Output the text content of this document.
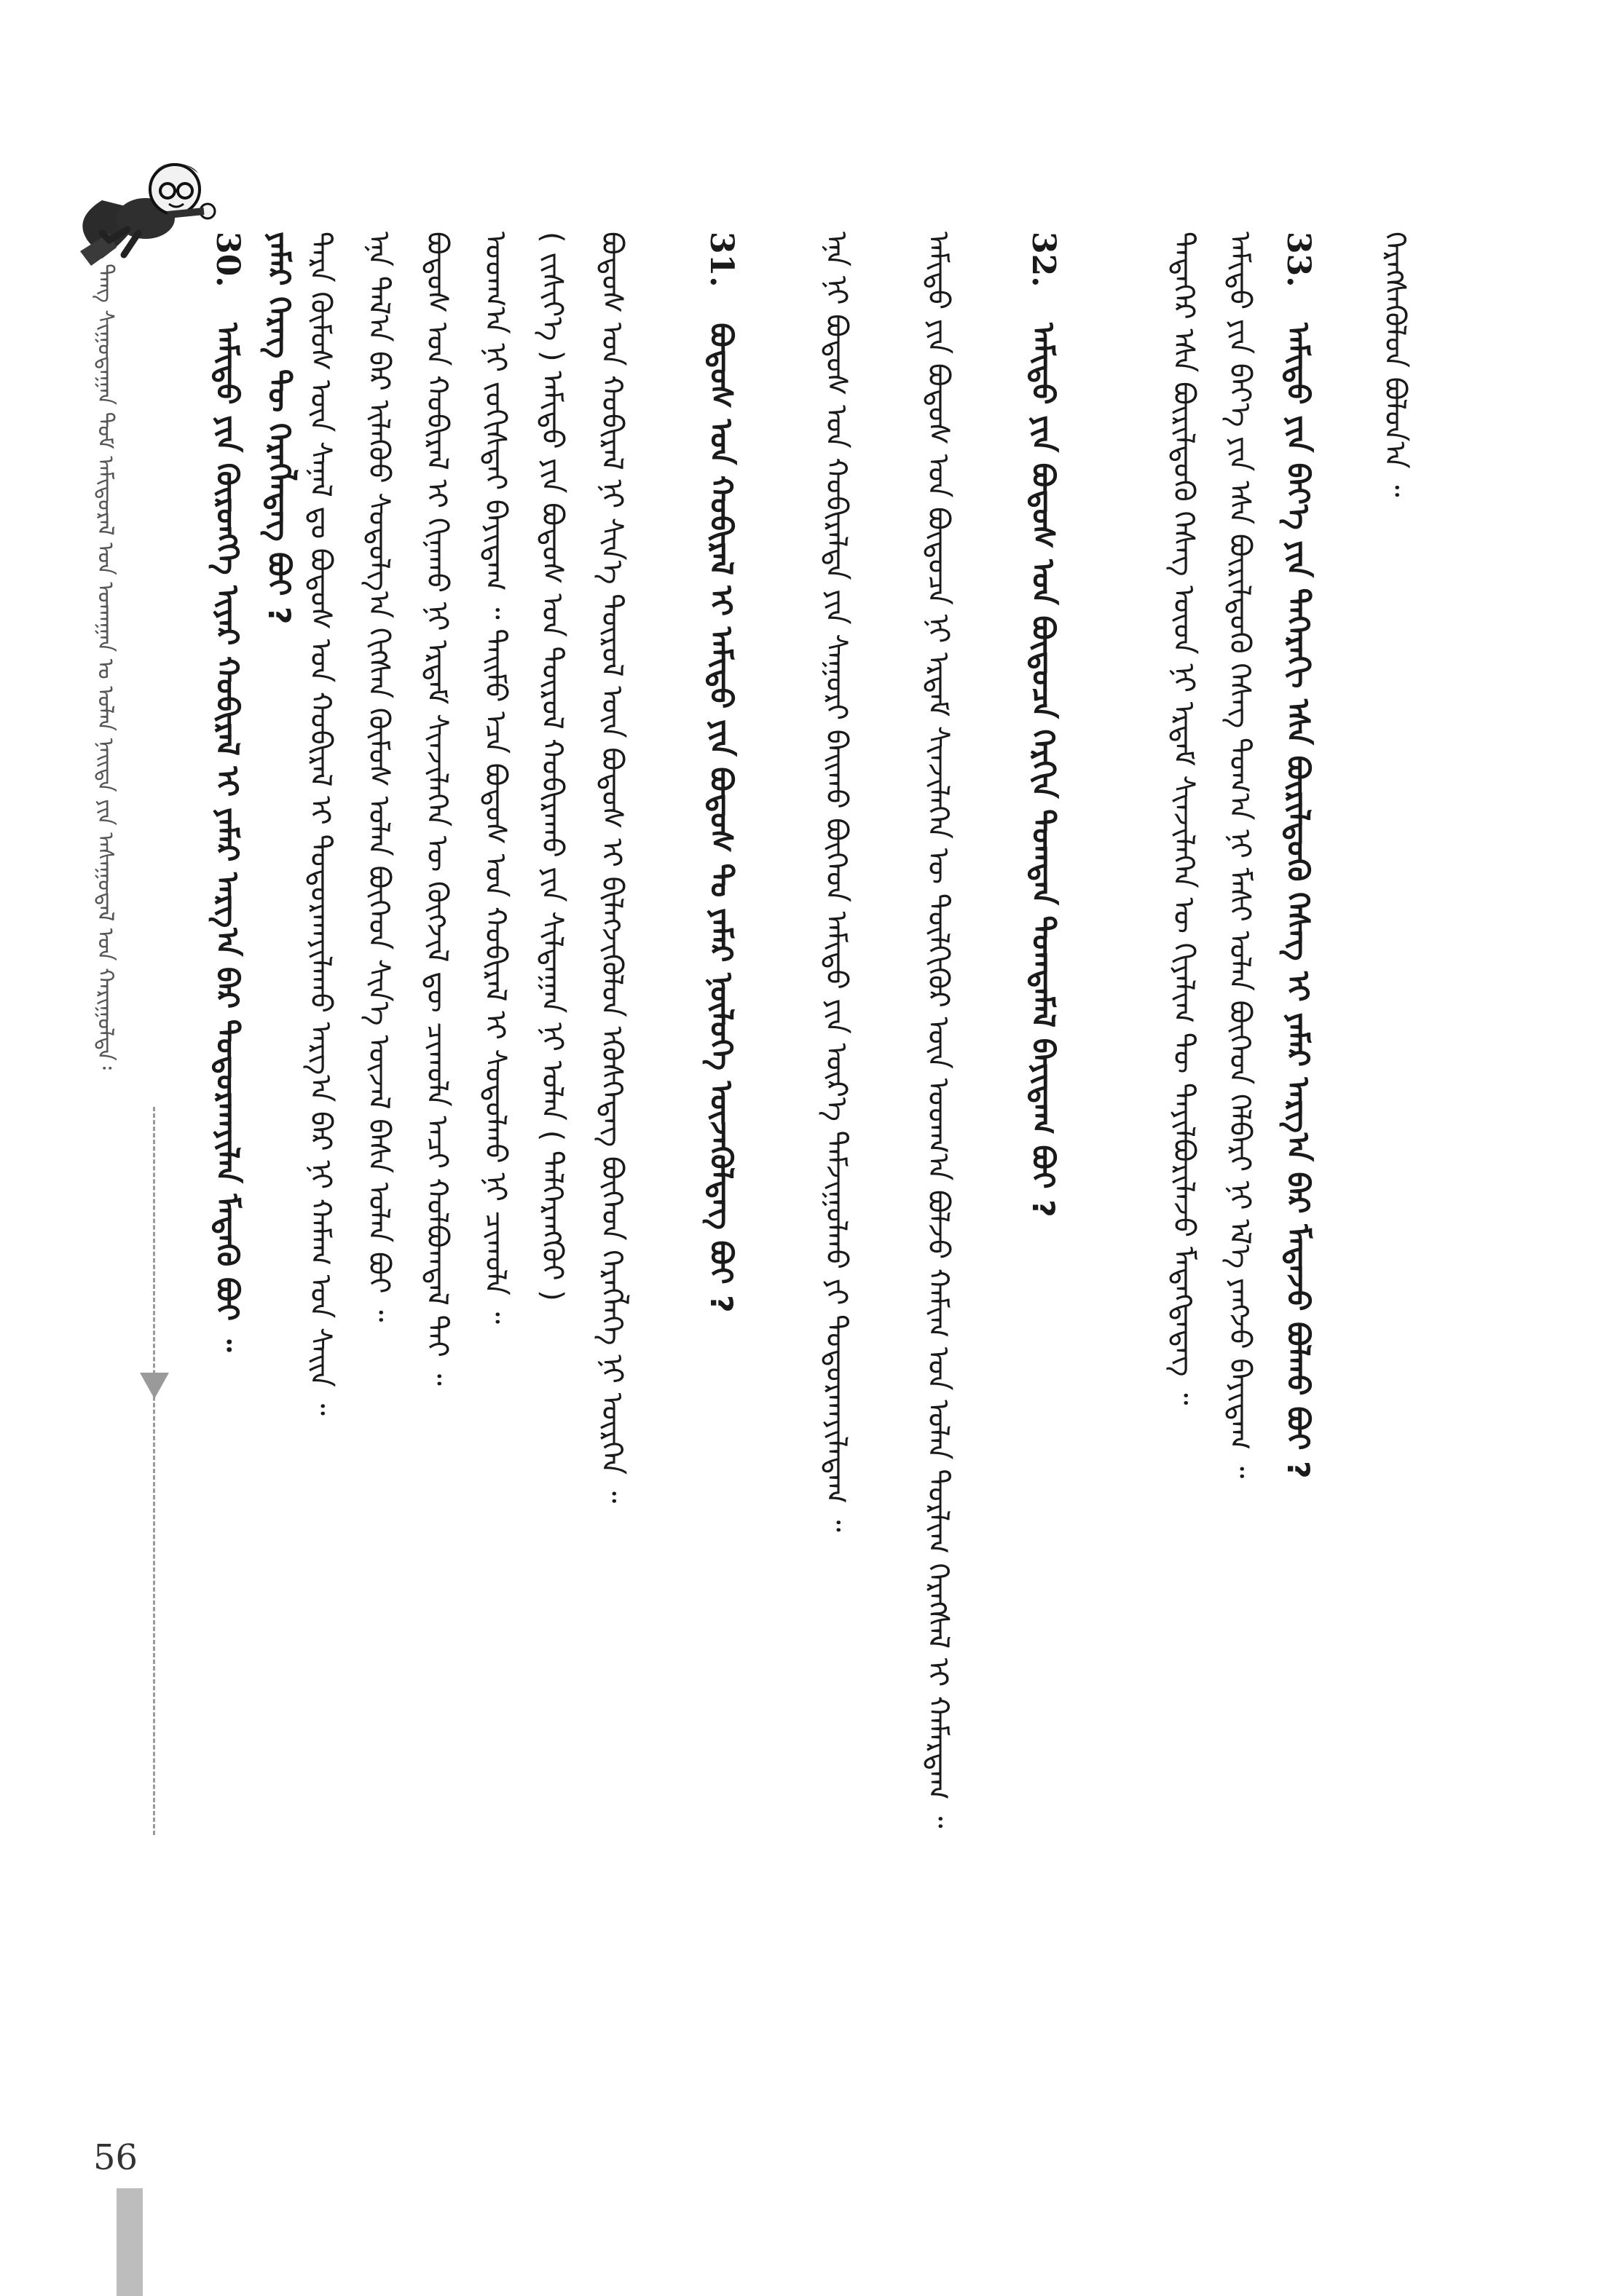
ᠳᠠᠩ ᠰᠢᠭᠤᠳᠠᠭᠠᠨ ᠳᠤᠮ ᠠᠮᠢᠳᠤᠷᠠᠯ ᠤᠨ ᠤᠬᠠᠭᠠᠨ ᠤ ᠣᠯᠠᠨ ᠨᠡᠢᠲᠡ ᠶᠢᠨ ᠠᠰᠠᠭᠤᠳᠠᠯ ᠤᠨ ᠬᠠᠷᠢᠭᠤᠯᠲᠠ᠄	ᠬᠡᠷᠡᠭᠰᠡᠭᠦᠯᠦᠨ ᠪᠣᠯᠤᠨ᠎ᠠ ᠃
33. ᠠᠮᠢᠳᠤ ᠶᠢᠨ ᠪᠡᠶ᠎ᠡ ᠶᠢᠨ ᠳᠡᠭᠡᠷᠡᠬᠢ ᠡᠰᠡ ᠪᠦᠷᠢᠯᠳᠦᠬᠦ ᠬᠡᠰᠡᠭ ᠢ ᠶᠠᠮᠠᠷ ᠠᠷᠭ᠎ᠠ ᠪᠠᠷ ᠮᠡᠳᠡᠵᠦ ᠪᠣᠯᠬᠤ ᠪᠤᠢ ?
ᠠᠮᠢᠳᠤ ᠶᠢᠨ ᠪᠡᠶ᠎ᠡ ᠶᠢᠨ ᠡᠰᠡ ᠪᠦᠷᠢᠯᠳᠦᠬᠦ ᠬᠡᠰᠡᠭ ᠲᠣᠭ᠎ᠠ ᠨᠢ ᠮᠠᠰᠢ ᠣᠯᠠᠨ ᠪᠥᠭᠡᠳ ᠬᠡᠯᠪᠡᠷᠢ ᠨᠢ ᠡᠯ᠎ᠡ ᠶᠠᠩᠵᠤ ᠪᠠᠶᠢᠳᠠᠭ ᠃
ᠲᠡᠳᠡᠭᠡᠷ ᠡᠰᠡ ᠪᠦᠷᠢᠯᠳᠦᠬᠦ ᠬᠡᠰᠡᠭ ᠦᠳ ᠨᠢ ᠡᠷᠳᠡᠮ ᠰᠢᠨᠵᠢᠯᠡᠭᠡᠨ ᠦ ᠬᠢᠶᠠᠯᠢᠭ ᠲᠦ ᠲᠠᠶᠢᠯᠪᠤᠷᠢᠯᠠᠵᠤ ᠮᠡᠳᠡᠭᠳᠡᠳᠡᠭ ᠃
32. ᠠᠮᠢᠳᠤ ᠶᠢᠨ ᠪᠣᠳᠣᠰ ᠤᠨ ᠪᠦᠲᠦᠴᠡ ᠬᠡᠷᠬᠢᠨ ᠲᠣᠭᠲᠠᠨ ᠲᠣᠭᠲᠠᠮᠠᠯ ᠪᠠᠶᠢᠳᠠᠭ ᠪᠤᠢ ?
ᠠᠮᠢᠳᠤ ᠶᠢᠨ ᠪᠣᠳᠣᠰ ᠤᠨ ᠪᠦᠲᠦᠴᠡ ᠨᠢ ᠡᠷᠳᠡᠮ ᠰᠢᠨᠵᠢᠯᠡᠭᠡᠨ ᠦ ᠲᠦᠯᠬᠢᠭᠦᠷ ᠦᠨ ᠤᠳᠬ᠎ᠠ ᠪᠣᠯᠵᠤ ᠬᠠᠮᠢᠭ ᠤᠨ ᠣᠯᠠᠨ ᠲᠣᠷᠯᠢᠭ ᠬᠡᠷᠡᠭᠰᠡᠯ ᠢ ᠬᠠᠮᠠᠷᠳᠠᠭ ᠃
ᠡᠨᠡ ᠨᠢ ᠪᠣᠳᠣᠰ ᠤᠨ ᠬᠤᠪᠢᠷᠠᠯᠲᠠ ᠶᠢᠨ ᠰᠠᠭᠤᠷᠢ ᠪᠠᠢᠬᠤ ᠪᠥᠭᠡᠳ ᠠᠮᠢᠳᠤ ᠶᠢᠨ ᠦᠷ᠎ᠡ ᠳᠠᠮᠵᠢᠭᠤᠯᠬᠤ ᠶᠢ ᠲᠣᠳᠤᠷᠬᠠᠶᠢᠯᠠᠳᠠᠭ ᠃
31. ᠪᠣᠳᠣᠰ ᠤᠨ ᠬᠤᠪᠢᠷᠠᠯ ᠢ ᠠᠮᠢᠳᠤ ᠶᠢᠨ ᠪᠣᠳᠣᠰ ᠲᠤ ᠶᠠᠮᠠᠷ ᠨᠥᠯᠥᠭᠡ ᠦᠵᠡᠭᠦᠯᠳᠡᠭ ᠪᠤᠢ ?
ᠪᠣᠳᠣᠰ ᠤᠨ ᠬᠤᠪᠢᠷᠠᠯ ᠨᠢ ᠰᠢᠨ᠎ᠡ ᠲᠥᠷᠦᠯ ᠦᠨ ᠪᠣᠳᠣᠰ ᠢ ᠪᠢᠯᠡᠭᠵᠢᠭᠦᠯᠦᠨ ᠡᠭᠦᠰᠭᠡᠳᠡᠭ ᠪᠥᠭᠡᠳ ᠬᠡᠷᠡᠭᠯᠡᠭᠡ ᠨᠢ ᠦᠷᠭᠡᠨ ᠃
( ᠵᠢᠱᠢᠶ᠎ᠡ ) ᠠᠮᠢᠳᠤ ᠶᠢᠨ ᠪᠣᠳᠣᠰ ᠤᠨ ᠲᠥᠷᠦᠯ ᠬᠤᠪᠢᠷᠠᠬᠤ ᠶᠢᠨ ᠰᠢᠯᠲᠠᠭᠠᠨ ᠨᠢ ᠣᠯᠠᠨ ( ᠳᠡᠯᠭᠡᠷᠡᠩᠭᠦᠢ )
ᠤᠳᠬ᠎ᠠ ᠨᠢ ᠵᠣᠬᠢᠰᠲᠠᠢ ᠪᠠᠶᠢᠳᠠᠭ ᠃ ᠲᠡᠢᠮᠦ ᠡᠴᠡ ᠪᠣᠳᠣᠰ ᠤᠨ ᠬᠤᠪᠢᠷᠠᠯ ᠢ ᠰᠤᠳᠤᠯᠬᠤ ᠨᠢ ᠴᠢᠬᠤᠯᠠ ᠃
ᠪᠣᠳᠣᠰ ᠤᠨ ᠬᠤᠪᠢᠷᠠᠯ ᠢ ᠬᠢᠨᠠᠬᠤ ᠨᠢ ᠡᠷᠳᠡᠮ ᠰᠢᠨᠵᠢᠯᠡᠭᠡᠨ ᠦ ᠬᠥᠭᠵᠢᠯ ᠳᠦ ᠴᠢᠬᠤᠯᠠ ᠠᠴᠢ ᠬᠣᠯᠪᠣᠭᠳᠠᠯ ᠲᠠᠢ ᠃
ᠡᠨᠡ ᠲᠠᠯ᠎ᠠ ᠪᠠᠷ ᠢᠯᠡᠭᠦᠦ ᠰᠤᠳᠤᠯᠭ᠎ᠠ ᠬᠢᠭᠰᠡᠨ ᠬᠦᠮᠦᠰ ᠣᠯᠠᠨ ᠪᠥᠭᠡᠳ ᠰᠢᠨ᠎ᠡ ᠦᠵᠡᠯ ᠪᠠᠰᠠ ᠣᠯᠠᠨ ᠪᠣᠢ ᠃
ᠲᠡᠷᠡ ᠬᠦᠮᠦᠰ ᠦᠨ ᠰᠠᠨᠠᠯ ᠳᠤ ᠪᠣᠳᠣᠰ ᠤᠨ ᠬᠤᠪᠢᠷᠠᠯ ᠢ ᠲᠣᠳᠤᠷᠬᠠᠶᠢᠯᠠᠬᠤ ᠠᠷᠭ᠎ᠠ ᠪᠠᠷ ᠨᠢ ᠬᠠᠮᠠᠭ ᠤᠨ ᠰᠠᠢᠨ ᠃
30. ᠠᠮᠢᠳᠤ ᠶᠢᠨ ᠬᠥᠷᠥᠩᠭᠡ ᠢᠶᠠᠷ ᠬᠤᠪᠢᠷᠠᠯ ᠢ ᠶᠠᠮᠠᠷ ᠠᠷᠭ᠎ᠠ ᠪᠠᠷ ᠲᠣᠳᠤᠷᠬᠠᠶᠢᠯᠠᠨ ᠮᠡᠳᠡᠬᠦ ᠪᠤᠢ ᠃ ᠶᠠᠮᠠᠷ ᠬᠡᠷᠡᠭ ᠲᠦ ᠬᠡᠷᠡᠭᠯᠡᠳᠡᠭ ᠪᠤᠢ ?
56
